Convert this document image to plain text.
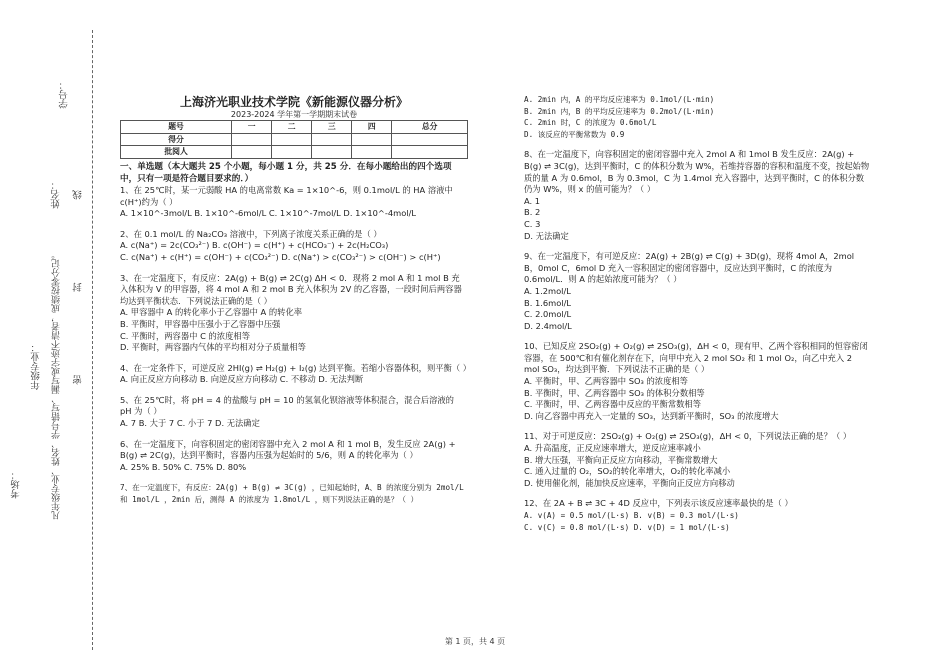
考场：
年级专业：
姓名：
凡年级专业、姓名、学号错写、漏写或字迹不清者，成绩按零分记。 密 封 线
学号：	上海济光职业技术学院《新能源仪器分析》

2023-2024 学年第一学期期末试卷

题号	一	二	三	四	总分
得分					
批阅人					

一、单选题（本大题共 25 个小题，每小题 1 分，共 25 分．在每小题给出的四个选项中，只有一项是符合题目要求的．）

1、在 25℃时，某一元弱酸 HA 的电离常数 Ka = 1×10^-6，则 0.1mol/L 的 HA 溶液中 c(H⁺)约为（ ）

A. 1×10^-3mol/L B. 1×10^-6mol/L C. 1×10^-7mol/L D. 1×10^-4mol/L

2、在 0.1 mol/L 的 Na₂CO₃ 溶液中，下列离子浓度关系正确的是（ ）

A. c(Na⁺) = 2c(CO₃²⁻) B. c(OH⁻) = c(H⁺) + c(HCO₃⁻) + 2c(H₂CO₃)

C. c(Na⁺) + c(H⁺) = c(OH⁻) + c(CO₃²⁻) D. c(Na⁺) > c(CO₃²⁻) > c(OH⁻) > c(H⁺)

3、在一定温度下，有反应：2A(g) + B(g) ⇌ 2C(g) ΔH < 0．现将 2 mol A 和 1 mol B 充入体积为 V 的甲容器，将 4 mol A 和 2 mol B 充入体积为 2V 的乙容器，一段时间后两容器均达到平衡状态．下列说法正确的是（ ）

A. 甲容器中 A 的转化率小于乙容器中 A 的转化率

B. 平衡时，甲容器中压强小于乙容器中压强

C. 平衡时，两容器中 C 的浓度相等

D. 平衡时，两容器内气体的平均相对分子质量相等

4、在一定条件下，可逆反应 2HI(g) ⇌ H₂(g) + I₂(g) 达到平衡。若缩小容器体积，则平衡（ ）

A. 向正反应方向移动 B. 向逆反应方向移动 C. 不移动 D. 无法判断

5、在 25℃时，将 pH = 4 的盐酸与 pH = 10 的氢氧化钡溶液等体积混合，混合后溶液的 pH 为（ ）

A. 7 B. 大于 7 C. 小于 7 D. 无法确定

6、在一定温度下，向容积固定的密闭容器中充入 2 mol A 和 1 mol B，发生反应 2A(g) + B(g) ⇌ 2C(g)，达到平衡时，容器内压强为起始时的 5/6，则 A 的转化率为（ ）

A. 25% B. 50% C. 75% D. 80%

7、在一定温度下，有反应：2A(g) + B(g) ⇌ 3C(g) ，已知起始时，A、B 的浓度分别为 2mol/L 和 1mol/L ，2min 后，测得 A 的浓度为 1.8mol/L ，则下列说法正确的是？（ ）

A. 2min 内，A 的平均反应速率为 0.1mol/(L·min)

B. 2min 内，B 的平均反应速率为 0.2mol/(L·min)

C. 2min 时，C 的浓度为 0.6mol/L

D. 该反应的平衡常数为 0.9

8、在一定温度下，向容积固定的密闭容器中充入 2mol A 和 1mol B 发生反应：2A(g) + B(g) ⇌ 3C(g)，达到平衡时，C 的体积分数为 W%，若维持容器的容积和温度不变，按起始物质的量 A 为 0.6mol，B 为 0.3mol，C 为 1.4mol 充入容器中，达到平衡时，C 的体积分数仍为 W%，则 x 的值可能为？（ ）

A. 1

B. 2

C. 3

D. 无法确定

9、在一定温度下，有可逆反应：2A(g) + 2B(g) ⇌ C(g) + 3D(g)，现将 4mol A，2mol B，0mol C，6mol D 充入一容积固定的密闭容器中，反应达到平衡时，C 的浓度为 0.6mol/L．则 A 的起始浓度可能为？（ ）

A. 1.2mol/L

B. 1.6mol/L

C. 2.0mol/L

D. 2.4mol/L

10、已知反应 2SO₂(g) + O₂(g) ⇌ 2SO₃(g)，ΔH < 0，现有甲、乙两个容积相同的恒容密闭容器，在 500℃和有催化剂存在下，向甲中充入 2 mol SO₂ 和 1 mol O₂，向乙中充入 2 mol SO₃，均达到平衡．下列说法不正确的是（ ）

A. 平衡时，甲、乙两容器中 SO₃ 的浓度相等

B. 平衡时，甲、乙两容器中 SO₃ 的体积分数相等

C. 平衡时，甲、乙两容器中反应的平衡常数相等

D. 向乙容器中再充入一定量的 SO₃，达到新平衡时，SO₃ 的浓度增大

11、对于可逆反应：2SO₂(g) + O₂(g) ⇌ 2SO₃(g)，ΔH < 0，下列说法正确的是？（ ）

A. 升高温度，正反应速率增大，逆反应速率减小

B. 增大压强，平衡向正反应方向移动，平衡常数增大

C. 通入过量的 O₂，SO₂的转化率增大，O₂的转化率减小

D. 使用催化剂，能加快反应速率，平衡向正反应方向移动

12、在 2A + B ⇌ 3C + 4D 反应中，下列表示该反应速率最快的是（ ）

A. v(A) = 0.5 mol/(L·s) B. v(B) = 0.3 mol/(L·s)

C. v(C) = 0.8 mol/(L·s) D. v(D) = 1 mol/(L·s)

第 1 页，共 4 页
